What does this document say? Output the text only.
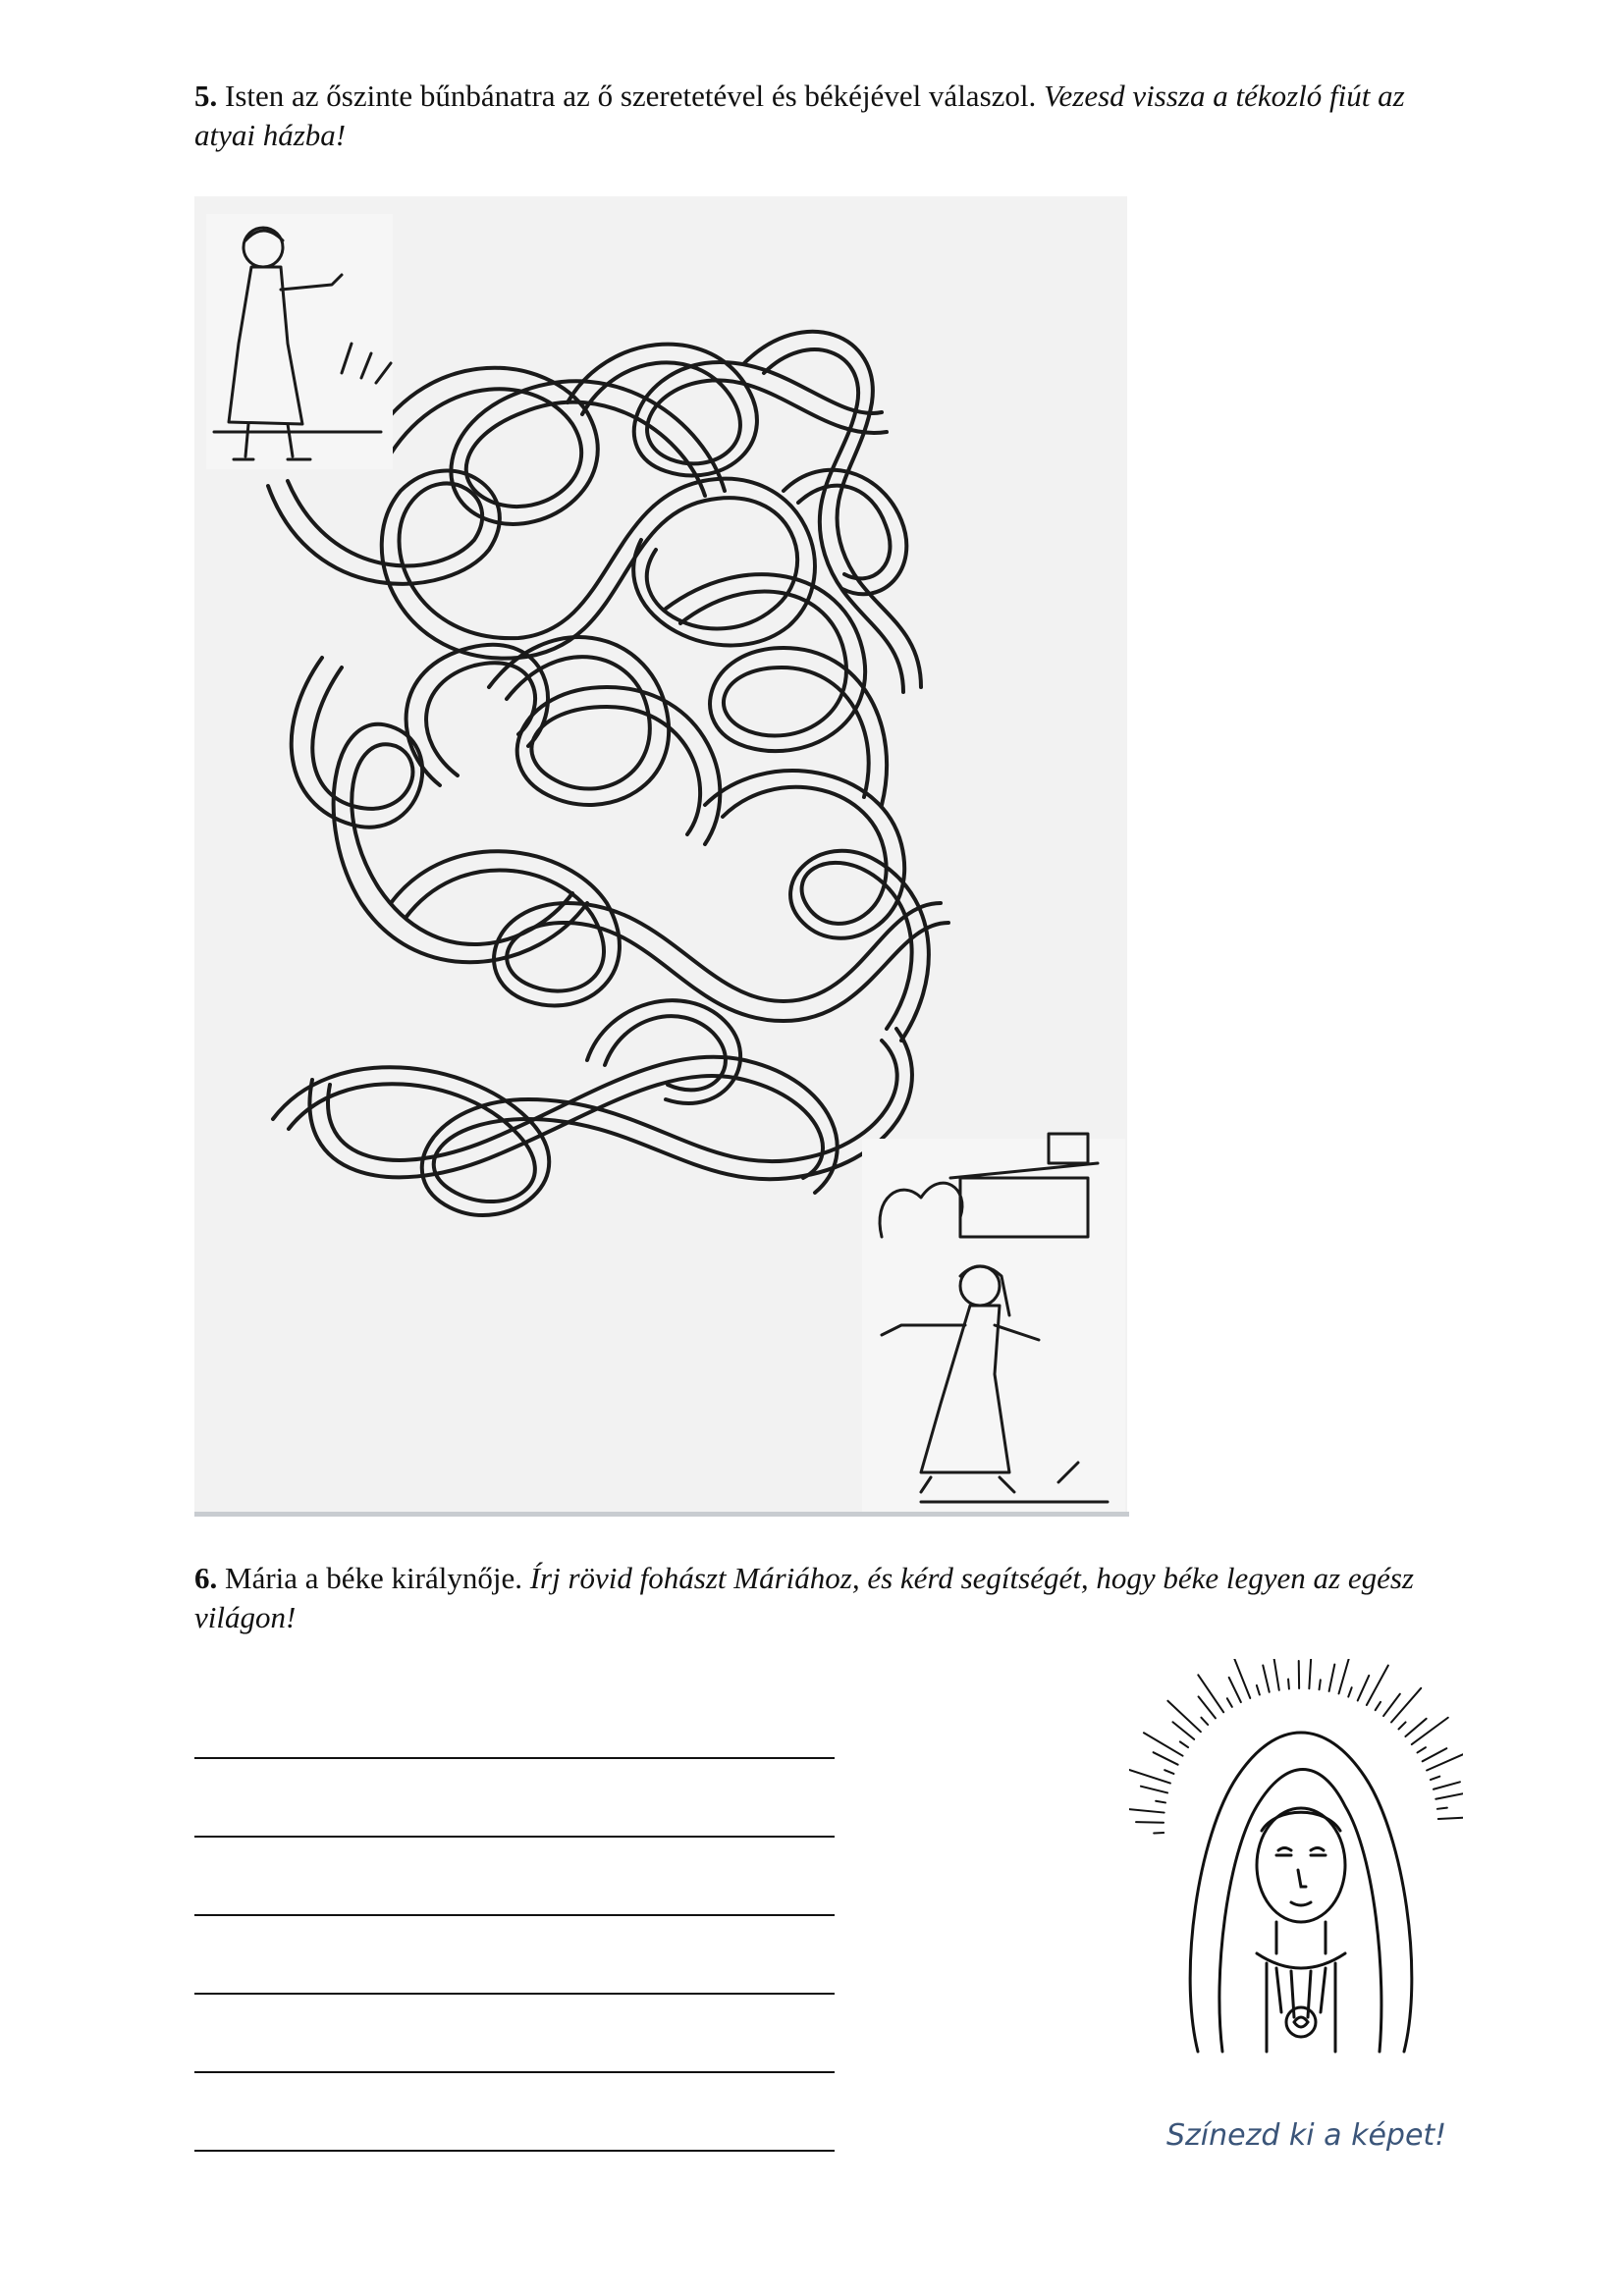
5. Isten az őszinte bűnbánatra az ő szeretetével és békéjével válaszol. Vezesd vissza a tékozló fiút az atyai házba!
6. Mária a béke királynője. Írj rövid fohászt Máriához, és kérd segítségét, hogy béke legyen az egész világon!
Színezd ki a képet!
